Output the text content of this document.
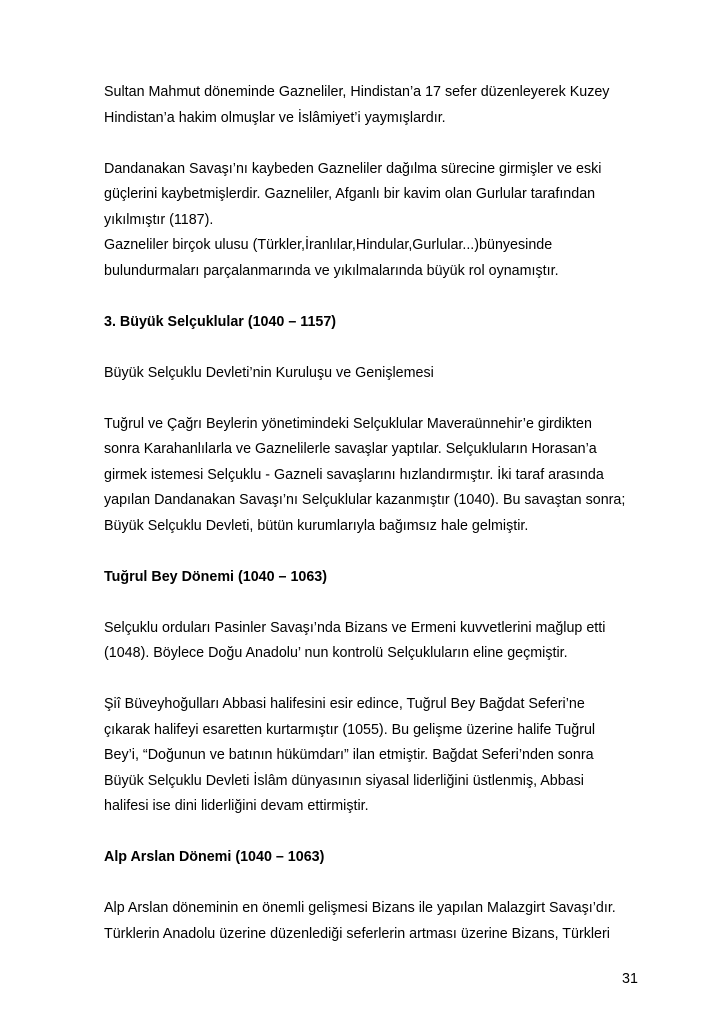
Sultan Mahmut döneminde Gazneliler, Hindistan’a 17 sefer düzenleyerek Kuzey
Hindistan’a hakim olmuşlar ve İslâmiyet’i yaymışlardır.
Dandanakan Savaşı’nı kaybeden Gazneliler dağılma sürecine girmişler ve eski
güçlerini kaybetmişlerdir. Gazneliler, Afganlı bir kavim olan Gurlular tarafından
yıkılmıştır (1187).
Gazneliler birçok ulusu (Türkler,İranlılar,Hindular,Gurlular...)bünyesinde
bulundurmaları parçalanmarında ve yıkılmalarında büyük rol oynamıştır.
3. Büyük Selçuklular (1040 – 1157)
Büyük Selçuklu Devleti’nin Kuruluşu ve Genişlemesi
Tuğrul ve Çağrı Beylerin yönetimindeki Selçuklular Maveraünnehir’e girdikten
sonra Karahanlılarla ve Gaznelilerle savaşlar yaptılar. Selçukluların Horasan’a
girmek istemesi Selçuklu - Gazneli savaşlarını hızlandırmıştır. İki taraf arasında
yapılan Dandanakan Savaşı’nı Selçuklular kazanmıştır (1040). Bu savaştan sonra;
Büyük Selçuklu Devleti, bütün kurumlarıyla bağımsız hale gelmiştir.
Tuğrul Bey Dönemi (1040 – 1063)
Selçuklu orduları Pasinler Savaşı’nda Bizans ve Ermeni kuvvetlerini mağlup etti
(1048). Böylece Doğu Anadolu’ nun kontrolü Selçukluların eline geçmiştir.
Şiî Büveyhoğulları Abbasi halifesini esir edince, Tuğrul Bey Bağdat Seferi’ne
çıkarak halifeyi esaretten kurtarmıştır (1055). Bu gelişme üzerine halife Tuğrul
Bey’i, “Doğunun ve batının hükümdarı” ilan etmiştir. Bağdat Seferi’nden sonra
Büyük Selçuklu Devleti İslâm dünyasının siyasal liderliğini üstlenmiş, Abbasi
halifesi ise dini liderliğini devam ettirmiştir.
Alp Arslan Dönemi (1040 – 1063)
Alp Arslan döneminin en önemli gelişmesi Bizans ile yapılan Malazgirt Savaşı’dır.
Türklerin Anadolu üzerine düzenlediği seferlerin artması üzerine Bizans, Türkleri
31
